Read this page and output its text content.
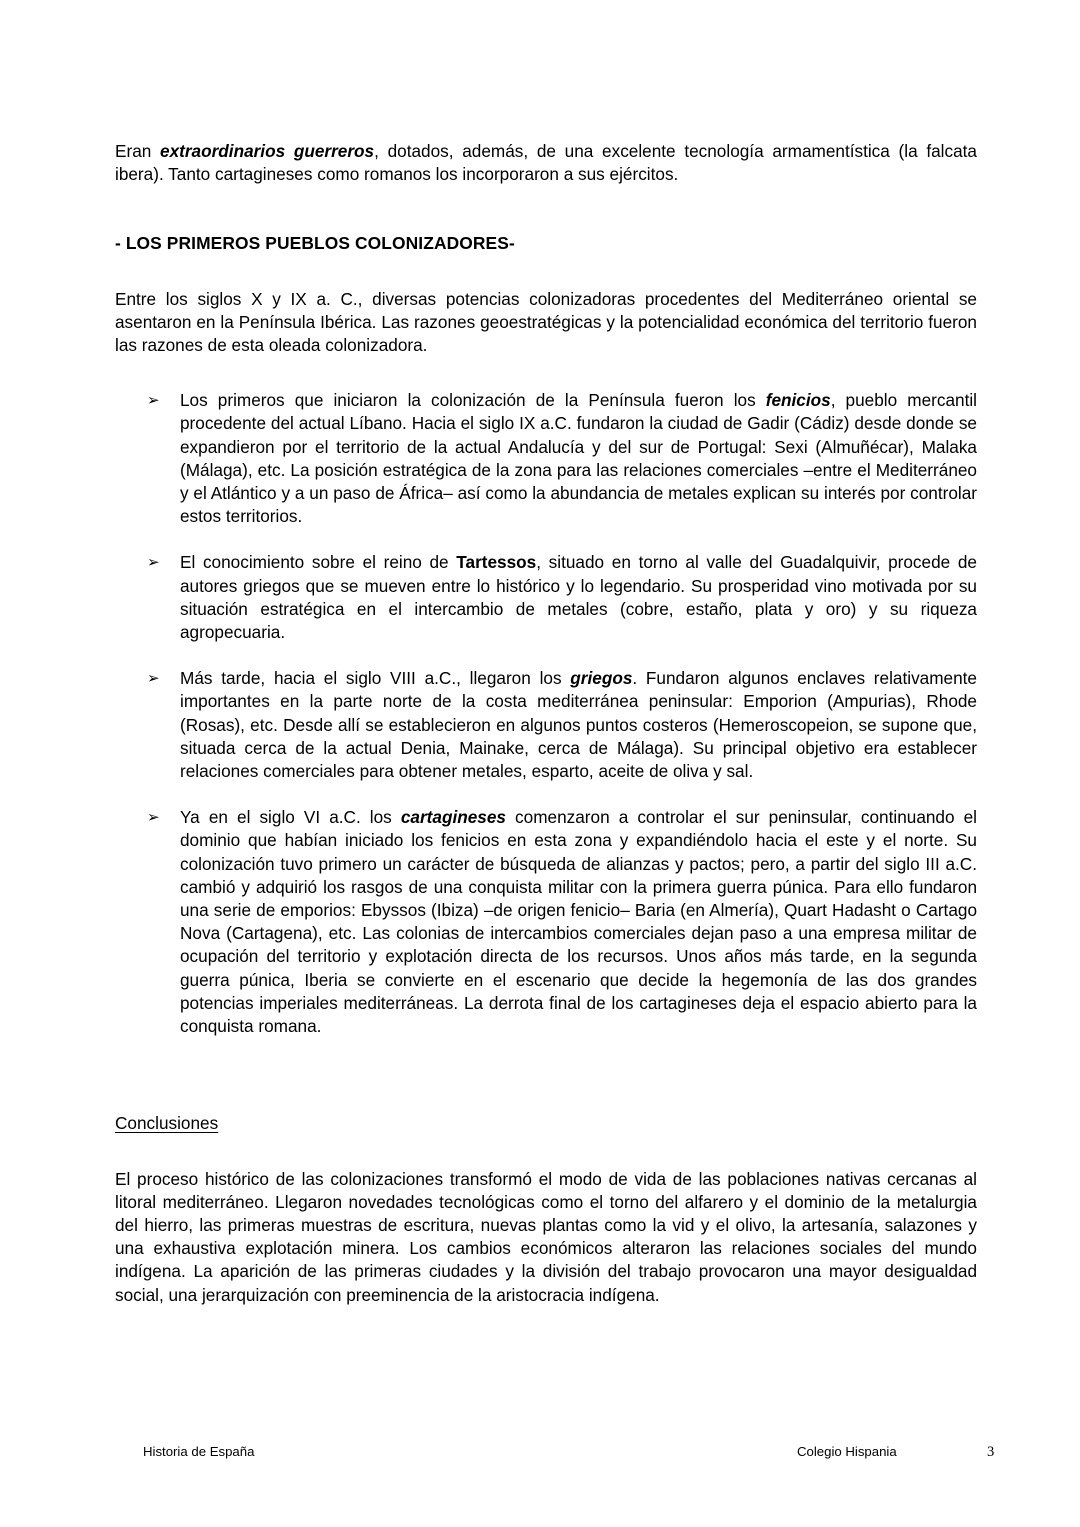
Eran extraordinarios guerreros, dotados, además, de una excelente tecnología armamentística (la falcata ibera). Tanto cartagineses como romanos los incorporaron a sus ejércitos.

- LOS PRIMEROS PUEBLOS COLONIZADORES-

Entre los siglos X y IX a. C., diversas potencias colonizadoras procedentes del Mediterráneo oriental se asentaron en la Península Ibérica. Las razones geoestratégicas y la potencialidad económica del territorio fueron las razones de esta oleada colonizadora.

➢ Los primeros que iniciaron la colonización de la Península fueron los fenicios, pueblo mercantil procedente del actual Líbano. Hacia el siglo IX a.C. fundaron la ciudad de Gadir (Cádiz) desde donde se expandieron por el territorio de la actual Andalucía y del sur de Portugal: Sexi (Almuñécar), Malaka (Málaga), etc. La posición estratégica de la zona para las relaciones comerciales –entre el Mediterráneo y el Atlántico y a un paso de África– así como la abundancia de metales explican su interés por controlar estos territorios.
➢ El conocimiento sobre el reino de Tartessos, situado en torno al valle del Guadalquivir, procede de autores griegos que se mueven entre lo histórico y lo legendario. Su prosperidad vino motivada por su situación estratégica en el intercambio de metales (cobre, estaño, plata y oro) y su riqueza agropecuaria.
➢ Más tarde, hacia el siglo VIII a.C., llegaron los griegos. Fundaron algunos enclaves relativamente importantes en la parte norte de la costa mediterránea peninsular: Emporion (Ampurias), Rhode (Rosas), etc. Desde allí se establecieron en algunos puntos costeros (Hemeroscopeion, se supone que, situada cerca de la actual Denia, Mainake, cerca de Málaga). Su principal objetivo era establecer relaciones comerciales para obtener metales, esparto, aceite de oliva y sal.
➢ Ya en el siglo VI a.C. los cartagineses comenzaron a controlar el sur peninsular, continuando el dominio que habían iniciado los fenicios en esta zona y expandiéndolo hacia el este y el norte. Su colonización tuvo primero un carácter de búsqueda de alianzas y pactos; pero, a partir del siglo III a.C. cambió y adquirió los rasgos de una conquista militar con la primera guerra púnica. Para ello fundaron una serie de emporios: Ebyssos (Ibiza) –de origen fenicio– Baria (en Almería), Quart Hadasht o Cartago Nova (Cartagena), etc. Las colonias de intercambios comerciales dejan paso a una empresa militar de ocupación del territorio y explotación directa de los recursos. Unos años más tarde, en la segunda guerra púnica, Iberia se convierte en el escenario que decide la hegemonía de las dos grandes potencias imperiales mediterráneas. La derrota final de los cartagineses deja el espacio abierto para la conquista romana.
Conclusiones

El proceso histórico de las colonizaciones transformó el modo de vida de las poblaciones nativas cercanas al litoral mediterráneo. Llegaron novedades tecnológicas como el torno del alfarero y el dominio de la metalurgia del hierro, las primeras muestras de escritura, nuevas plantas como la vid y el olivo, la artesanía, salazones y una exhaustiva explotación minera. Los cambios económicos alteraron las relaciones sociales del mundo indígena. La aparición de las primeras ciudades y la división del trabajo provocaron una mayor desigualdad social, una jerarquización con preeminencia de la aristocracia indígena.

Historia de España	Colegio Hispania	3
